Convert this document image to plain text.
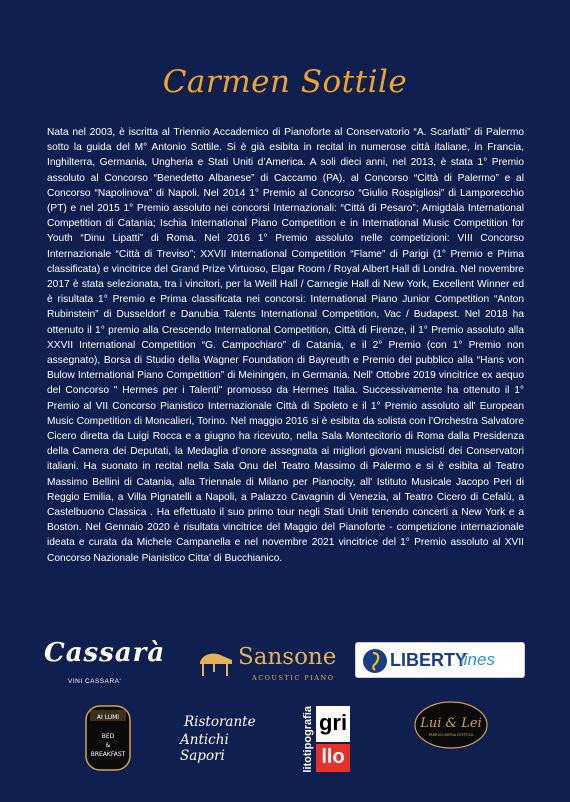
Carmen Sottile

Nata nel 2003, è iscritta al Triennio Accademico di Pianoforte al Conservatorio “A. Scarlatti” di Palermo sotto la guida del M° Antonio Sottile. Si è già esibita in recital in numerose città italiane, in Francia, Inghilterra, Germania, Ungheria e Stati Uniti d’America. A soli dieci anni, nel 2013, è stata 1° Premio assoluto al Concorso “Benedetto Albanese” di Caccamo (PA), al Concorso “Città di Palermo” e al Concorso “Napolinova” di Napoli. Nel 2014 1° Premio al Concorso “Giulio Rospigliosi” di Lamporecchio (PT) e nel 2015 1° Premio assoluto nei concorsi Internazionali: “Città di Pesaro”; Amigdala International Competition di Catania; Ischia International Piano Competition e in International Music Competition for Youth “Dinu Lipatti” di Roma. Nel 2016 1° Premio assoluto nelle competizioni: VIII Concorso Internazionale “Città di Treviso”; XXVII International Competition “Flame” di Parigi (1° Premio e Prima classificata) e vincitrice del Grand Prize Virtuoso, Elgar Room / Royal Albert Hall di Londra. Nel novembre 2017 è stata selezionata, tra i vincitori, per la Weill Hall / Carnegie Hall di New York, Excellent Winner ed è risultata 1° Premio e Prima classificata nei concorsi: International Piano Junior Competition “Anton Rubinstein” di Dusseldorf e Danubia Talents International Competition, Vac / Budapest. Nel 2018 ha ottenuto il 1° premio alla Crescendo International Competition, Città di Firenze, il 1° Premio assoluto alla XXVII International Competition “G. Campochiaro” di Catania, e il 2° Premio (con 1° Premio non assegnato), Borsa di Studio della Wagner Foundation di Bayreuth e Premio del pubblico alla “Hans von Bulow International Piano Competition” di Meiningen, in Germania. Nell' Ottobre 2019 vincitrice ex aequo del Concorso " Hermes per i Talenti" promosso da Hermes Italia. Successivamente ha ottenuto il 1° Premio al VII Concorso Pianistico Internazionale Città di Spoleto e il 1° Premio assoluto all' European Music Competition di Moncalieri, Torino. Nel maggio 2016 si è esibita da solista con l’Orchestra Salvatore Cicero diretta da Luigi Rocca e a giugno ha ricevuto, nella Sala Montecitorio di Roma dalla Presidenza della Camera dei Deputati, la Medaglia d’onore assegnata ai migliori giovani musicisti dei Conservatori italiani. Ha suonato in recital nella Sala Onu del Teatro Massimo di Palermo e si è esibita al Teatro Massimo Bellini di Catania, alla Triennale di Milano per Pianocity, all' Istituto Musicale Jacopo Peri di Reggio Emilia, a Villa Pignatelli a Napoli, a Palazzo Cavagnin di Venezia, al Teatro Cicero di Cefalù, a Castelbuono Classica . Ha effettuato il suo primo tour negli Stati Uniti tenendo concerti a New York e a Boston. Nel Gennaio 2020 è risultata vincitrice del Maggio del Pianoforte - competizione internazionale ideata e curata da Michele Campanella e nel novembre 2021 vincitrice del 1° Premio assoluto al XVII Concorso Nazionale Pianistico Citta' di Bucchianico.

Cassarà
VINI CASSARA'
Sansone
ACOUSTIC PIANO
LIBERTY
lines
AI LUMI
BED
&
BREAKFAST
Ristorante
Antichi Sapori	litotipografia gri
llo
Lui & Lei
PARRUCCHIERIA ESTETICA
